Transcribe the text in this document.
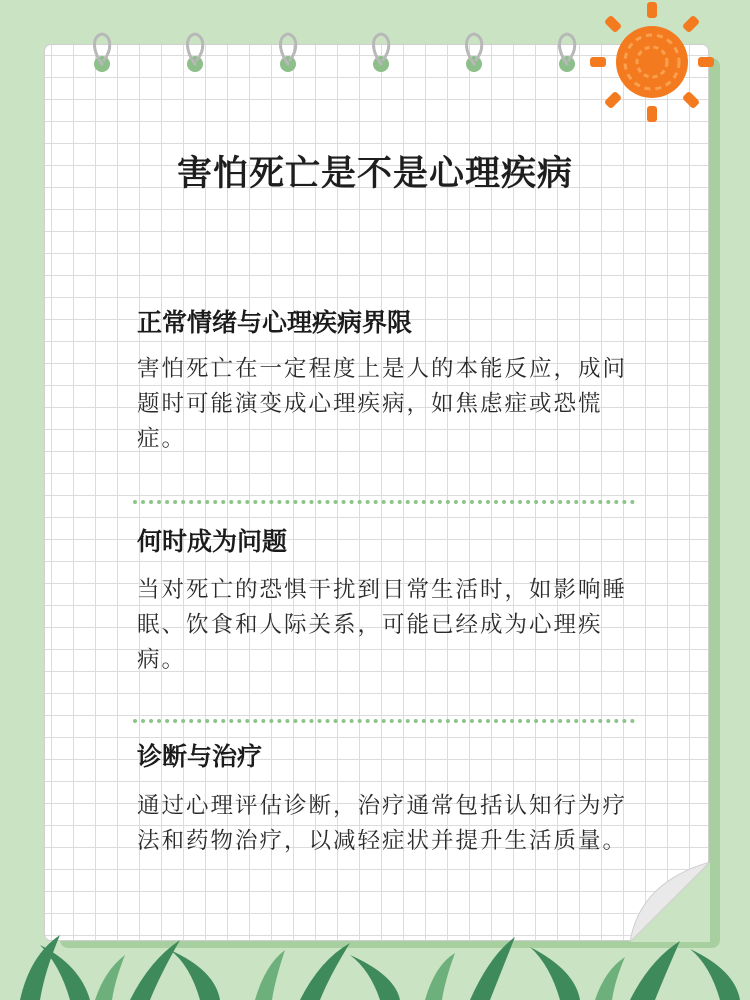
害怕死亡是不是心理疾病
正常情绪与心理疾病界限
害怕死亡在一定程度上是人的本能反应，成问题时可能演变成心理疾病，如焦虑症或恐慌症。
何时成为问题
当对死亡的恐惧干扰到日常生活时，如影响睡眠、饮食和人际关系，可能已经成为心理疾病。
诊断与治疗
通过心理评估诊断，治疗通常包括认知行为疗法和药物治疗，以减轻症状并提升生活质量。
